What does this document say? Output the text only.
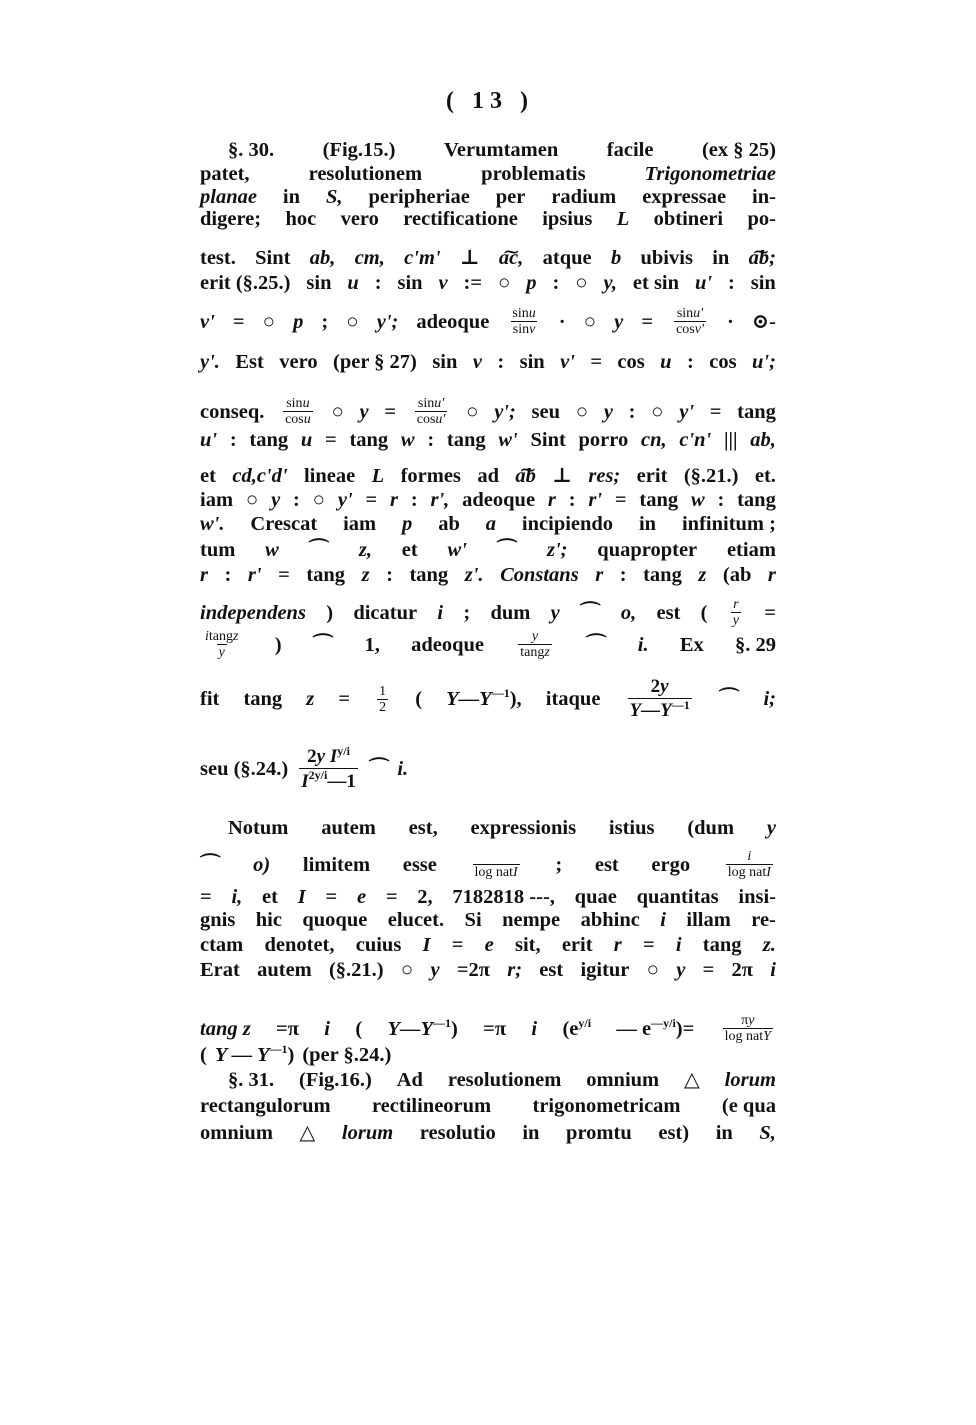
( 13 )
§. 30. (Fig.15.) Verumtamen facile (ex § 25)
patet,	resolutionem	problematis	Trigonometriae
planae in S, peripheriae per radium expressae in-
digere; hoc vero rectificatione ipsius L obtineri po-
test. Sint ab, cm, c'm' ⊥ a͠c, atque b ubivis in a͠b;
erit (§.25.) sin u : sin v := ○ p : ○ y, et sin u' : sin
v' = ○ p ; ○ y'; adeoque $\frac{\sin u}{\sin v}$ · ○ $y = \frac{\sin u'}{\cos v'}$ · ⊙-
y'. Est vero (per § 27) sin v : sin v' = cos u : cos u';
conseq. $\frac{\sin u}{\cos u}$ ○ $y = \frac{\sin u'}{\cos u'}$ ○ y'; seu ○ y : ○ y' = tang
u' : tang u = tang w : tang w' Sint porro cn, c'n' ||| ab,
et cd,c'd' lineae L formes ad a͠b ⊥ res; erit (§.21.) et.
iam ○ y : ○ y' = r : r', adeoque r : r' = tang w : tang
w'. Crescat iam p ab a incipiendo in infinitum ;
tum w ⌒ z, et w' ⌒ z'; quapropter etiam
r : r' = tang z : tang z'. Constans r : tang z (ab r
independens ) dicatur i ; dum y ⌒ o, est ( $\frac{r}{y}$ =
$\frac{\text{itangz}}{y}$ ) ⌒ 1, adeoque $\frac{y}{\text{tangz}}$ ⌒ i. Ex §. 29
fit tang $z = \frac{1}{2}$ ( Y—Y—1), itaque $\frac{2y}{Y—Y—1}$ ⌒ i;
seu (§.24.) $\frac{\text{2y Iy/i}}{I2y/i—1}$ ⌒ i.
Notum autem est, expressionis istius (dum y
⌒ o) limitem esse	log natI ; est ergo	$\frac{i}{\text{log natI}}$
= i, et I = e = 2, 7182818 ---, quae quantitas insi-
gnis hic quoque elucet. Si nempe abhinc i illam re-
ctam denotet, cuius I = e sit, erit r = i tang z.
Erat autem (§.21.) ○ y =2π r; est igitur ○ y = 2π i
tang z =π i ( Y—Y—1) =π i (ey/i — e—y/i)= $\frac{\pi y}{\text{log natY}}$
( Y — Y—1) (per §.24.)
§. 31. (Fig.16.) Ad resolutionem omnium △ lorum
rectangulorum rectilineorum trigonometricam (e qua
omnium △ lorum resolutio in promtu est) in S,
